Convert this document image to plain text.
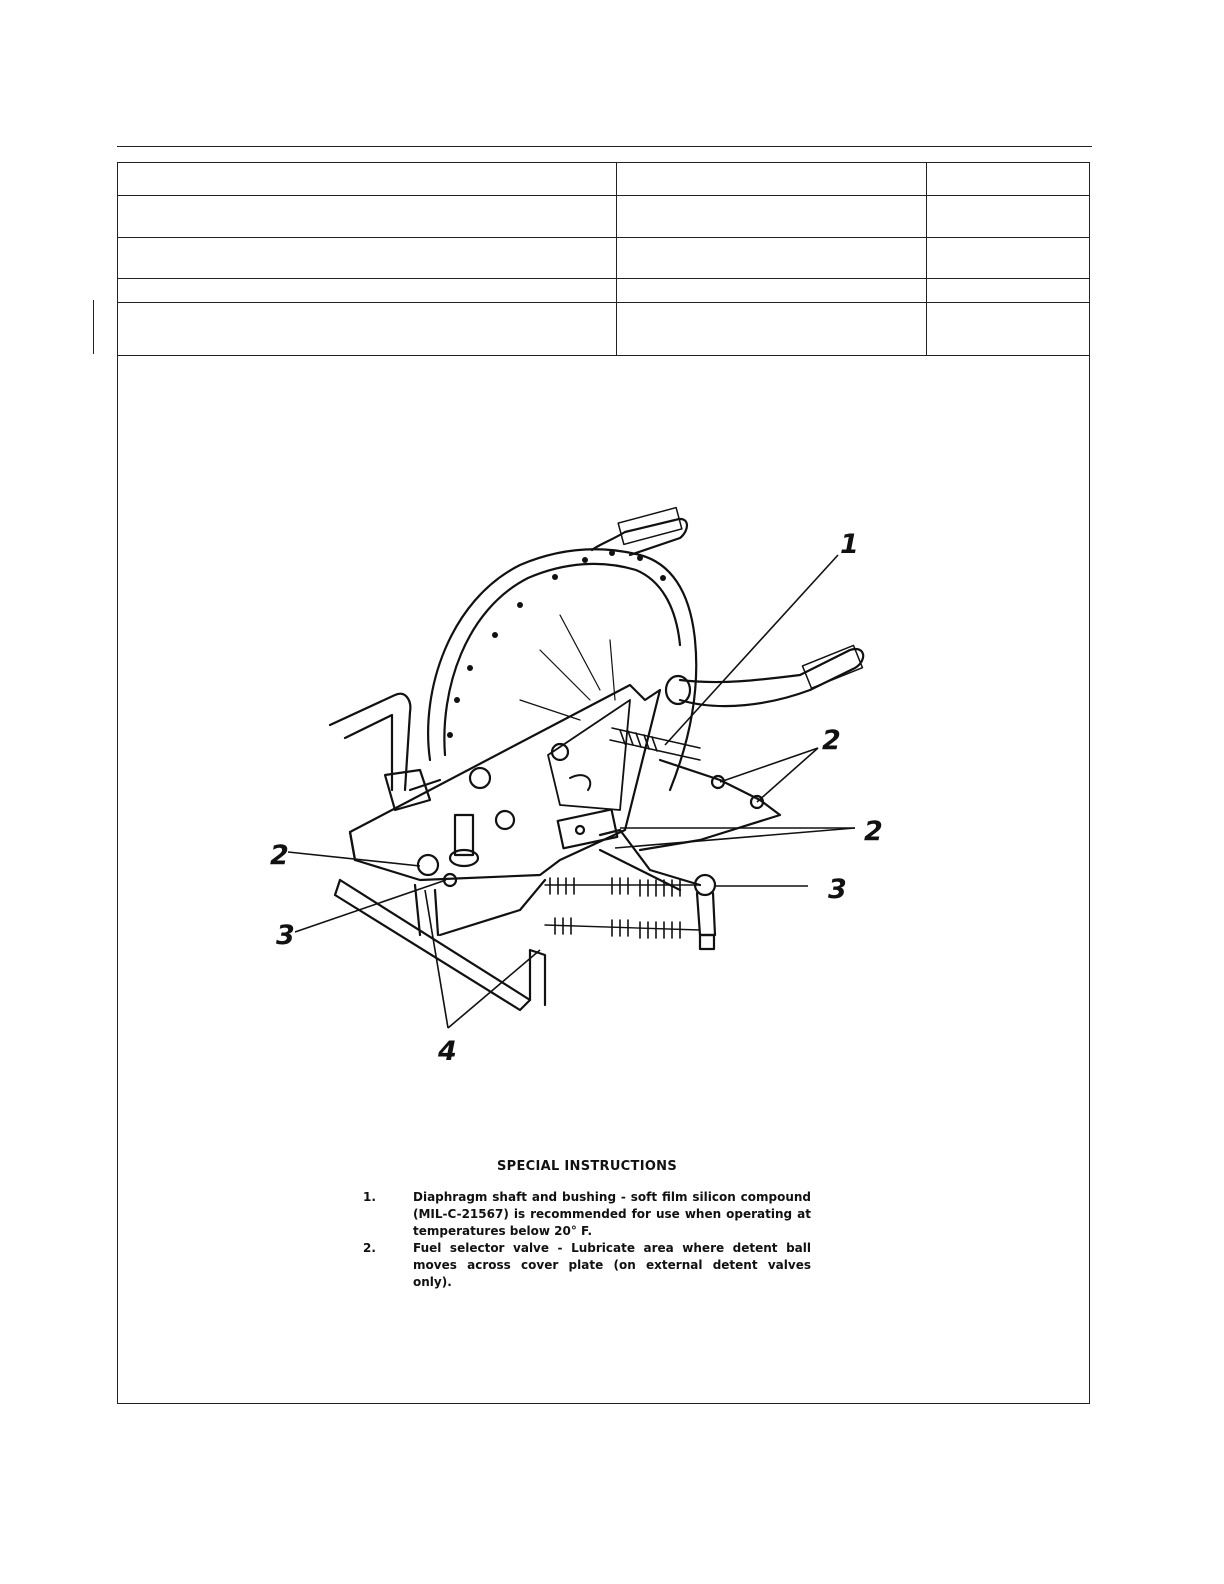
1
2
2
2
3
3
4
SPECIAL INSTRUCTIONS
1.	Diaphragm shaft and bushing - soft film silicon compound (MIL-C-21567) is recommended for use when operating at temperatures below 20° F.
2.	Fuel selector valve - Lubricate area where detent ball moves across cover plate (on external detent valves only).
